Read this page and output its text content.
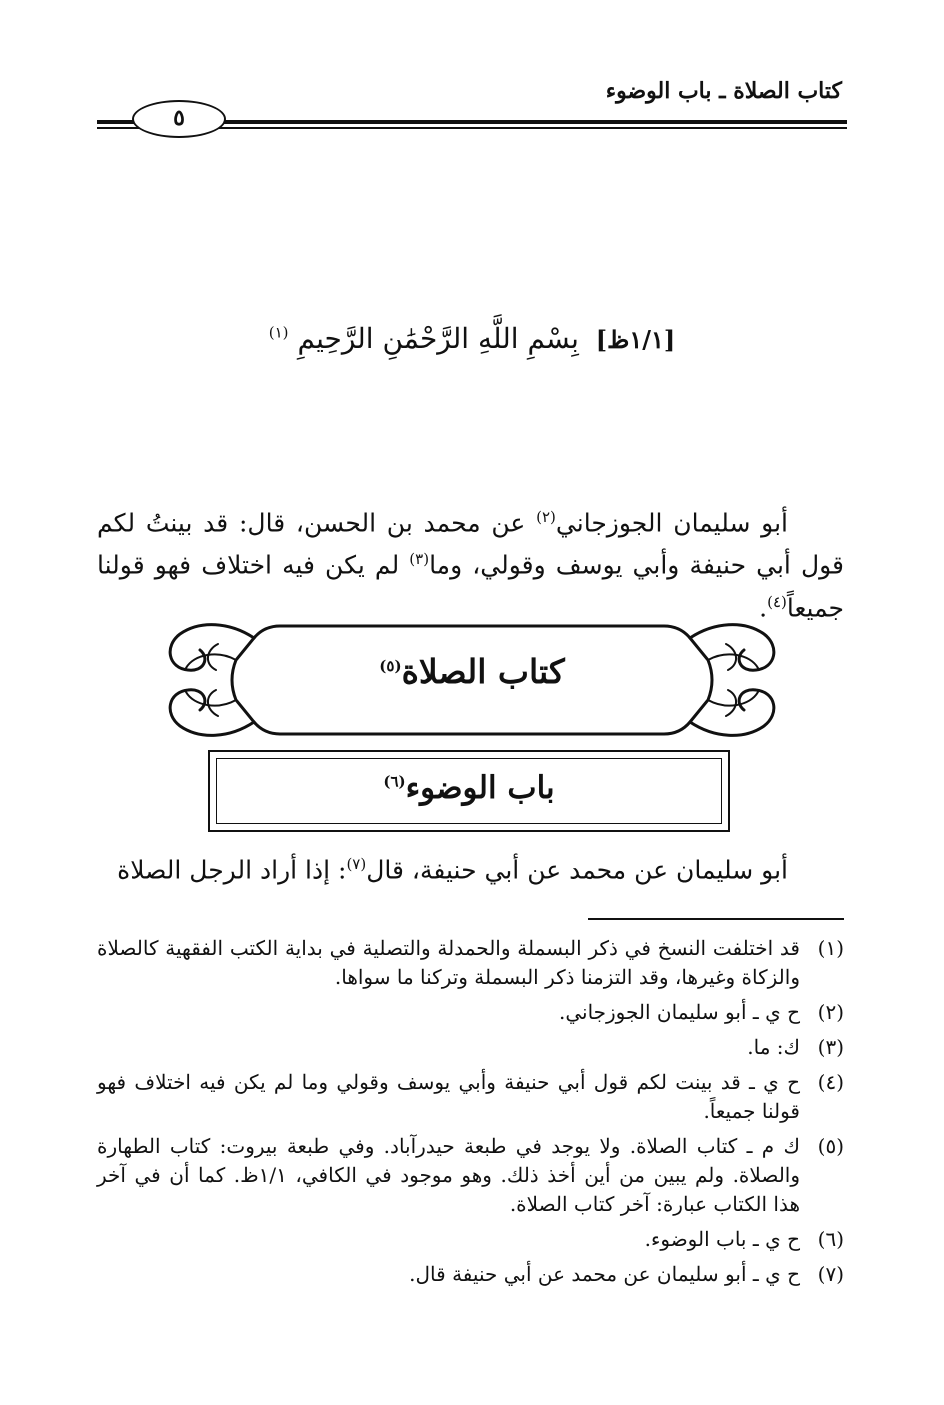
كتاب الصلاة ـ باب الوضوء
٥
[١/١ظ] بِسْمِ اللَّهِ الرَّحْمَٰنِ الرَّحِيمِ $^{(١)}$
أبو سليمان الجوزجاني$^{(٢)}$ عن محمد بن الحسن، قال: قد بينتُ لكم قول أبي حنيفة وأبي يوسف وقولي، وما$^{(٣)}$ لم يكن فيه اختلاف فهو قولنا جميعاً$^{(٤)}$.
كتاب الصلاة$^{(٥)}$
باب الوضوء$^{(٦)}$
أبو سليمان عن محمد عن أبي حنيفة، قال$^{(٧)}$: إذا أراد الرجل الصلاة
(١)
قد اختلفت النسخ في ذكر البسملة والحمدلة والتصلية في بداية الكتب الفقهية كالصلاة والزكاة وغيرها، وقد التزمنا ذكر البسملة وتركنا ما سواها.
(٢)
ح ي ـ أبو سليمان الجوزجاني.
(٣)
ك: ما.
(٤)
ح ي ـ قد بينت لكم قول أبي حنيفة وأبي يوسف وقولي وما لم يكن فيه اختلاف فهو قولنا جميعاً.
(٥)
ك م ـ كتاب الصلاة. ولا يوجد في طبعة حيدرآباد. وفي طبعة بيروت: كتاب الطهارة والصلاة. ولم يبين من أين أخذ ذلك. وهو موجود في الكافي، ١/١ظ. كما أن في آخر هذا الكتاب عبارة: آخر كتاب الصلاة.
(٦)
ح ي ـ باب الوضوء.
(٧)
ح ي ـ أبو سليمان عن محمد عن أبي حنيفة قال.
